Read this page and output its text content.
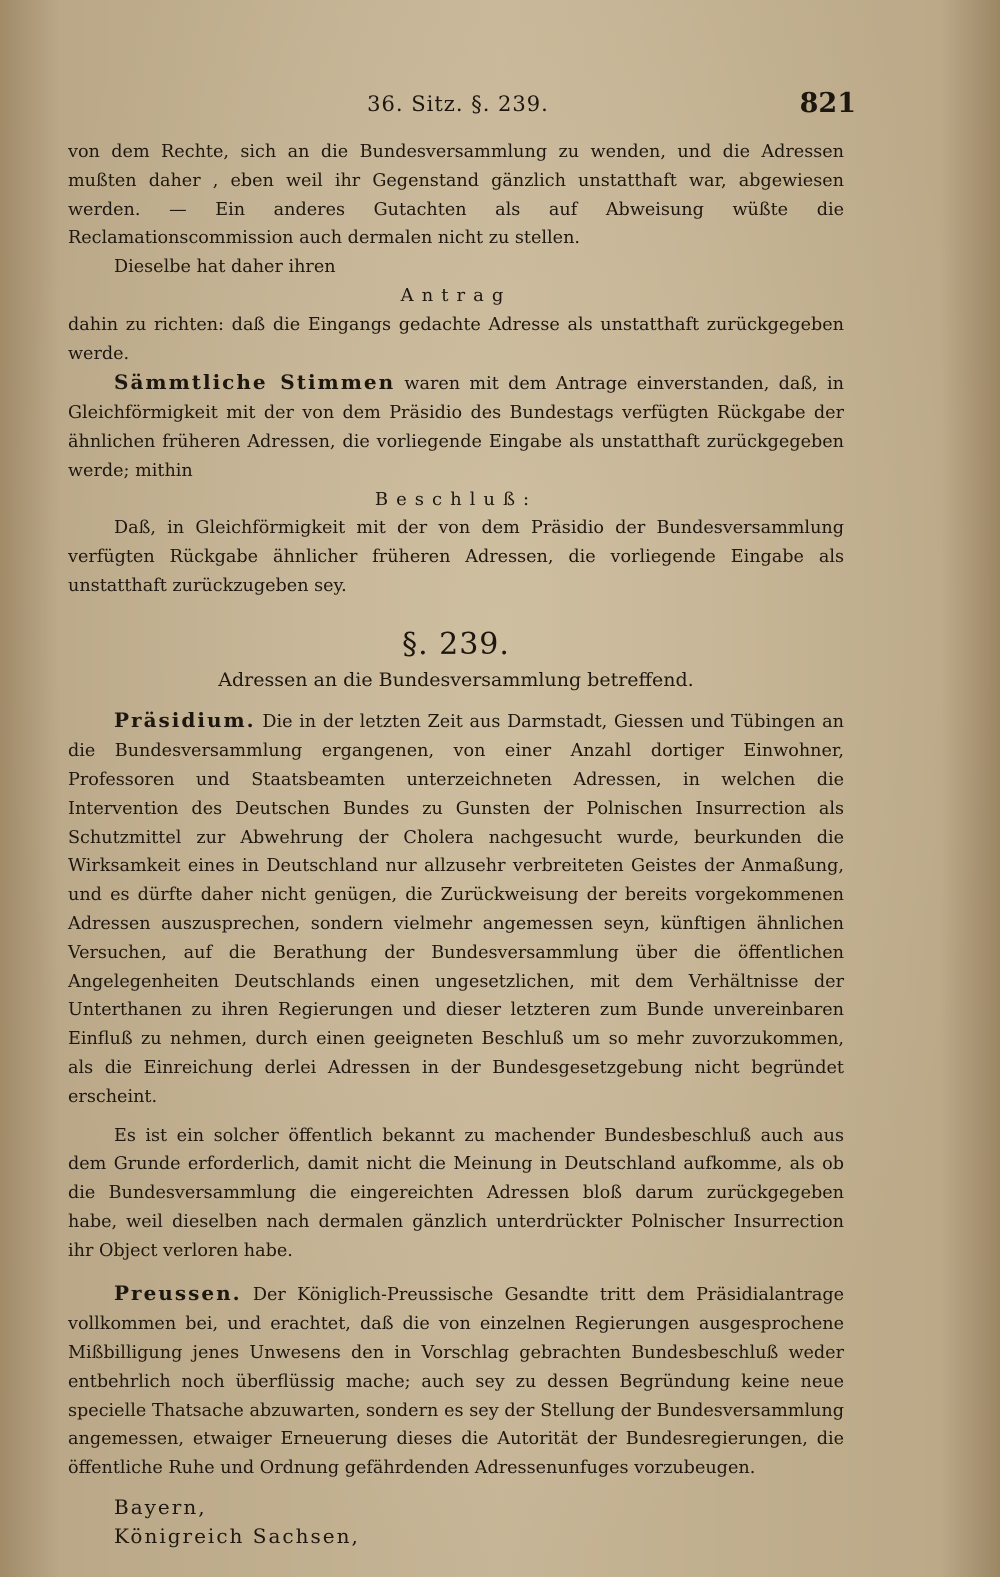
36. Sitz. §. 239.	821

von dem Rechte, sich an die Bundesversammlung zu wenden, und die Adressen mußten daher , eben weil ihr Gegenstand gänzlich unstatthaft war, abgewiesen werden. — Ein anderes Gutachten als auf Abweisung wüßte die Reclamationscommission auch dermalen nicht zu stellen.

Dieselbe hat daher ihren

Antrag

dahin zu richten: daß die Eingangs gedachte Adresse als unstatthaft zurückgegeben werde.

Sämmtliche Stimmen waren mit dem Antrage einverstanden, daß, in Gleichförmigkeit mit der von dem Präsidio des Bundestags verfügten Rückgabe der ähnlichen früheren Adressen, die vorliegende Eingabe als unstatthaft zurückgegeben werde; mithin

Beschluß:

Daß, in Gleichförmigkeit mit der von dem Präsidio der Bundesversammlung verfügten Rückgabe ähnlicher früheren Adressen, die vorliegende Eingabe als unstatthaft zurückzugeben sey.

§. 239.
Adressen an die Bundesversammlung betreffend.

Präsidium. Die in der letzten Zeit aus Darmstadt, Giessen und Tübingen an die Bundesversammlung ergangenen, von einer Anzahl dortiger Einwohner, Professoren und Staatsbeamten unterzeichneten Adressen, in welchen die Intervention des Deutschen Bundes zu Gunsten der Polnischen Insurrection als Schutzmittel zur Abwehrung der Cholera nachgesucht wurde, beurkunden die Wirksamkeit eines in Deutschland nur allzusehr verbreiteten Geistes der Anmaßung, und es dürfte daher nicht genügen, die Zurückweisung der bereits vorgekommenen Adressen auszusprechen, sondern vielmehr angemessen seyn, künftigen ähnlichen Versuchen, auf die Berathung der Bundesversammlung über die öffentlichen Angelegenheiten Deutschlands einen ungesetzlichen, mit dem Verhältnisse der Unterthanen zu ihren Regierungen und dieser letzteren zum Bunde unvereinbaren Einfluß zu nehmen, durch einen geeigneten Beschluß um so mehr zuvorzukommen, als die Einreichung derlei Adressen in der Bundesgesetzgebung nicht begründet erscheint.

Es ist ein solcher öffentlich bekannt zu machender Bundesbeschluß auch aus dem Grunde erforderlich, damit nicht die Meinung in Deutschland aufkomme, als ob die Bundesversammlung die eingereichten Adressen bloß darum zurückgegeben habe, weil dieselben nach dermalen gänzlich unterdrückter Polnischer Insurrection ihr Object verloren habe.

Preussen. Der Königlich-Preussische Gesandte tritt dem Präsidialantrage vollkommen bei, und erachtet, daß die von einzelnen Regierungen ausgesprochene Mißbilligung jenes Unwesens den in Vorschlag gebrachten Bundesbeschluß weder entbehrlich noch überflüssig mache; auch sey zu dessen Begründung keine neue specielle Thatsache abzuwarten, sondern es sey der Stellung der Bundesversammlung angemessen, etwaiger Erneuerung dieses die Autorität der Bundesregierungen, die öffentliche Ruhe und Ordnung gefährdenden Adressenunfuges vorzubeugen.

Bayern,

Königreich Sachsen,
